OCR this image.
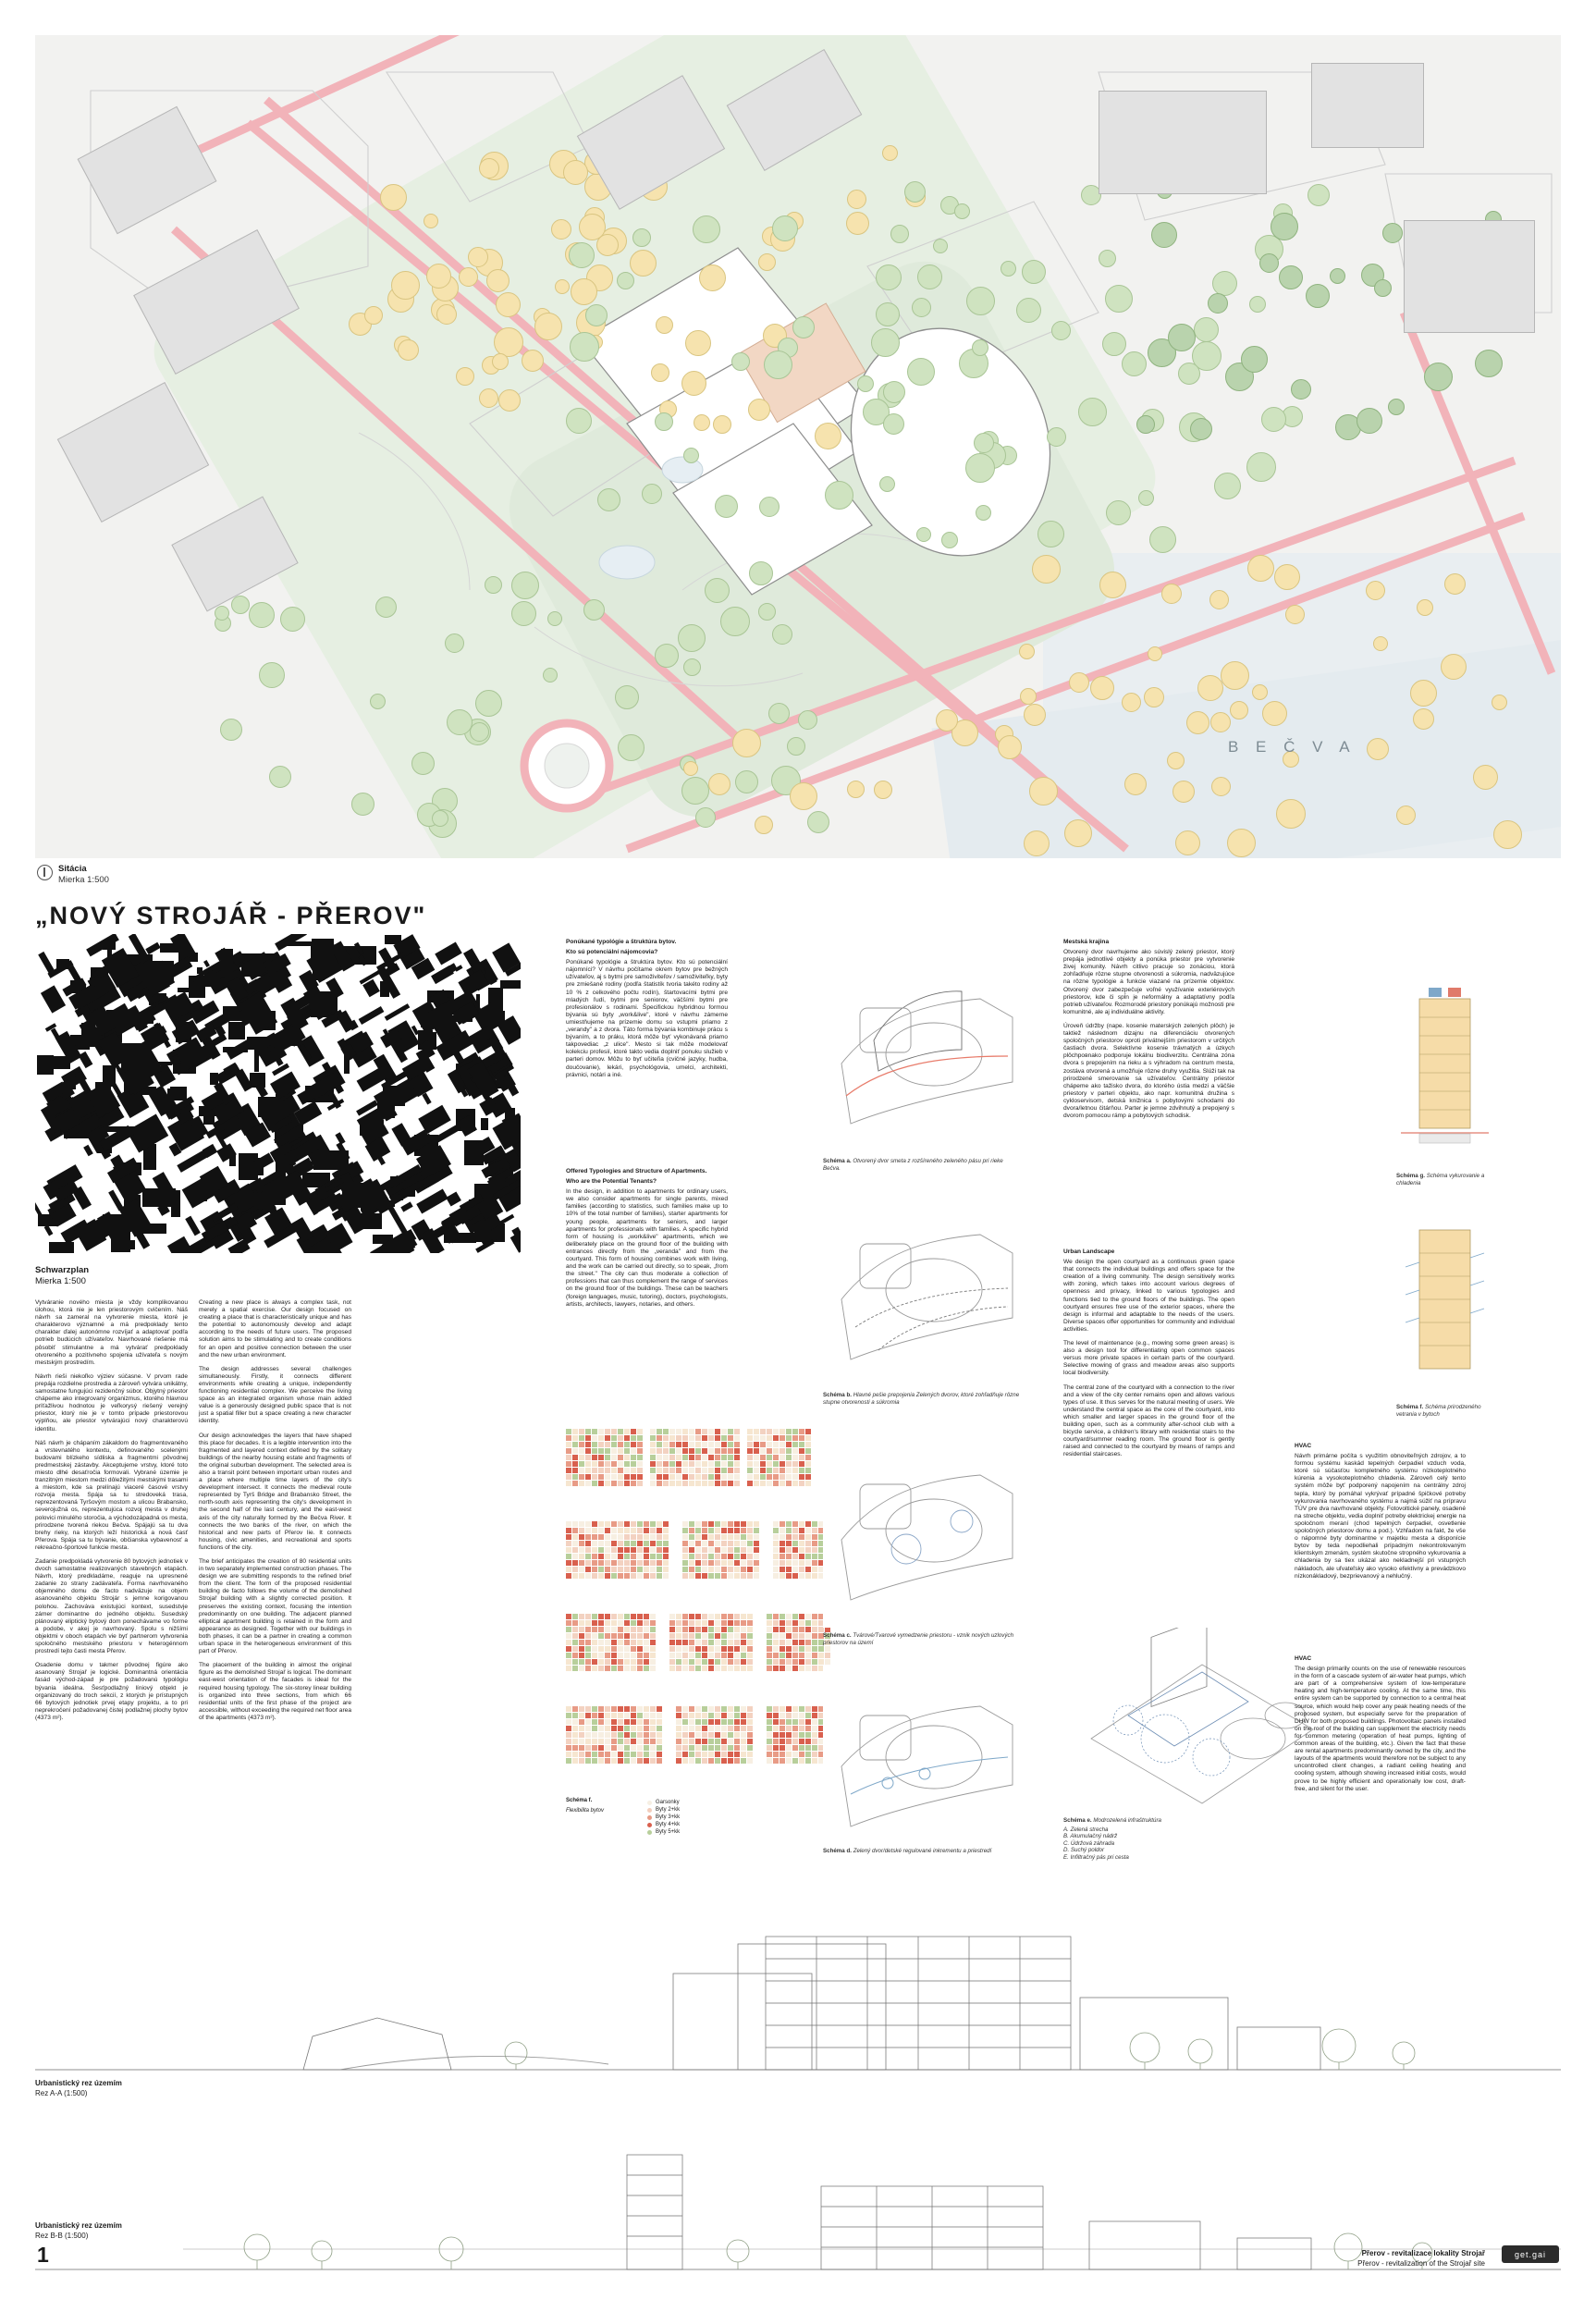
B E Č V A
Sitácia
Mierka 1:500
„NOVÝ STROJÁŘ - PŘEROV"
Schwarzplan
Mierka 1:500

Vytváranie nového miesta je vždy komplikovanou úlohou, ktorá nie je len priestorovým cvičením. Náš návrh sa zameral na vytvorenie miesta, ktoré je charakterovo významné a má predpoklady tento charakter ďalej autonómne rozvíjať a adaptovať podľa potrieb budúcich užívateľov. Navrhované riešenie má pôsobiť stimulantne a má vytvárať predpoklady otvoreného a pozitívneho spojenia užívateľa s novým mestským prostredím.

Návrh rieši niekoľko výziev súčasne. V prvom rade prepája rozdielne prostredia a zároveň vytvára unikátny, samostatne fungujúci rezidenčný súbor. Objytný priestor chápeme ako integrovaný organizmus, ktorého hlavnou príťažlivou hodnotou je veľkorysý riešený verejný priestor, ktorý nie je v tomto prípade priestorovou výplňou, ale priestor vytvárajúci nový charakterovú identitu.

Náš návrh je chápaním zákaldom do fragmentovaného a vrstevnatého kontextu, definovaného scelenými budovami blízkeho sídliska a fragmentmi pôvodnej predmestskej zástavby. Akceptujeme vrstvy, ktoré toto miesto dlhé desaťročia formovali. Vybrané územie je tranzitným miestom medzi dôležitými mestskými trasami a miestom, kde sa prelínajú viaceré časové vrstvy rozvoja mesta. Spája sa tu stredoveká trasa, reprezentovaná Tyršovým mostom a ulicou Brabansko, severojužná os, reprezentujúca rozvoj mesta v druhej polovici minulého storočia, a východozápadná os mesta, prirodzene tvorená riekou Bečva. Spájajú sa tu dva brehy rieky, na ktorých leží historická a nová časť Přerova. Spája sa tu bývanie, občianska vybavenosť a rekreačno-športové funkcie mesta.

Zadanie predpokladá vytvorenie 80 bytových jednotiek v dvoch samostatne realizovaných stavebných etapách. Návrh, ktorý predkladáme, reaguje na upresnené zadanie zo strany zadávateľa. Forma navrhovaného objemného domu de facto nadväzuje na objem asanovaného objektu Strojár s jemne korigovanou polohou. Zachováva existujúci kontext, susedstvje zámer dominantne do jedného objektu. Susedský plánovaný eliptický bytový dom ponechávame vo forme a podobe, v akej je navrhovaný. Spolu s nižšími objektmi v oboch etapách vie byť partnerom vytvorenia spoločného mestského priestoru v heterogénnom prostredí tejto časti mesta Přerov.

Osadenie domu v takmer pôvodnej figúre ako asanovaný Strojař je logické. Dominantná orientácia fasád východ-západ je pre požadovanú typológiu bývania ideálna. Šesťpodlažný líniový objekt je organizovaný do troch sekcií, z ktorých je prístupných 66 bytových jednotiek prvej etapy projektu, a to pri neprekročení požadovanej čistej podlažnej plochy bytov (4373 m²).

Creating a new place is always a complex task, not merely a spatial exercise. Our design focused on creating a place that is characteristically unique and has the potential to autonomously develop and adapt according to the needs of future users. The proposed solution aims to be stimulating and to create conditions for an open and positive connection between the user and the new urban environment.

The design addresses several challenges simultaneously. Firstly, it connects different environments while creating a unique, independently functioning residential complex. We perceive the living space as an integrated organism whose main added value is a generously designed public space that is not just a spatial filler but a space creating a new character identity.

Our design acknowledges the layers that have shaped this place for decades. It is a legible intervention into the fragmented and layered context defined by the solitary buildings of the nearby housing estate and fragments of the original suburban development. The selected area is also a transit point between important urban routes and a place where multiple time layers of the city's development intersect. It connects the medieval route represented by Tyrš Bridge and Brabansko Street, the north-south axis representing the city's development in the second half of the last century, and the east-west axis of the city naturally formed by the Bečva River. It connects the two banks of the river, on which the historical and new parts of Přerov lie. It connects housing, civic amenities, and recreational and sports functions of the city.

The brief anticipates the creation of 80 residential units in two separately implemented construction phases. The design we are submitting responds to the refined brief from the client. The form of the proposed residential building de facto follows the volume of the demolished Strojař building with a slightly corrected position. It preserves the existing context, focusing the intention predominantly on one building. The adjacent planned elliptical apartment building is retained in the form and appearance as designed. Together with our buildings in both phases, it can be a partner in creating a common urban space in the heterogeneous environment of this part of Přerov.

The placement of the building in almost the original figure as the demolished Strojař is logical. The dominant east-west orientation of the facades is ideal for the required housing typology. The six-storey linear building is organized into three sections, from which 66 residential units of the first phase of the project are accessible, without exceeding the required net floor area of the apartments (4373 m²).

Schéma f.
Flexibilita bytov
Garsonky
Byty 2+kk
Byty 3+kk
Byty 4+kk
Byty 5+kk

Ponúkané typológie a štruktúra bytov.

Kto sú potenciální nájomcovia?

Ponúkané typológie a štruktúra bytov. Kto sú potenciální nájomníci? V návrhu počítame okrem bytov pre bežných užívateľov, aj s bytmi pre samoživiteľov / samoživiteľky, byty pre zmiešané rodiny (podľa štatistík tvoria takéto rodiny až 10 % z celkového počtu rodín), štartovacími bytmi pre mladých ľudí, bytmi pre seniorov, väčšími bytmi pre profesionálov s rodinami. Špecifickou hybridnou formou bývania sú byty „work&live", ktoré v návrhu zámerne umiestňujeme na prízemie domu so vstupmi priamo z „verandy" a z dvora. Táto forma bývania kombinuje prácu s bývaním, a to práku, ktorá môže byť vykonávaná priamo takpovediac „z ulice". Mesto si tak môže modelovať kolekciu profesií, ktoré takto vedia doplniť ponuku služieb v parteri domov. Môžu to byť učiteľia (cvičné jazyky, hudba, doučovanie), lekári, psychológovia, umelci, architekti, právnici, notári a iné.

Offered Typologies and Structure of Apartments.

Who are the Potential Tenants?

In the design, in addition to apartments for ordinary users, we also consider apartments for single parents, mixed families (according to statistics, such families make up to 10% of the total number of families), starter apartments for young people, apartments for seniors, and larger apartments for professionals with families. A specific hybrid form of housing is „work&live" apartments, which we deliberately place on the ground floor of the building with entrances directly from the „veranda" and from the courtyard. This form of housing combines work with living, and the work can be carried out directly, so to speak, „from the street." The city can thus moderate a collection of professions that can thus complement the range of services on the ground floor of the buildings. These can be teachers (foreign languages, music, tutoring), doctors, psychologists, artists, architects, lawyers, notaries, and others.

Schéma a. Otvorený dvor smeta z rozšíreného zeleného pásu pri rieke Bečva.
Schéma b. Hlavné pešie prepojenia Zelených dvorov, ktoré zohľadňuje rôzne stupne otvorenosti a súkromia
Schéma c. Tvárové/Tvarové vymedzenie priestoru - vznik nových uzlových priestorov na území
Schéma d. Zelený dvor/detské regulované inkrementu a priestredí
Schéma e. Modrozelená infraštruktúra
A. Zelená strecha
B. Akumulačný nádrž
C. Údržová záhrada
D. Suchý poldor
E. Infiltračný pás pri cesta

Mestská krajina

Otvorený dvor navrhujeme ako súvislý zelený priestor, ktorý prepája jednotlivé objekty a ponúka priestor pre vytvorenie živej komunity. Návrh citlivo pracuje so zonáciou, ktorá zohľadňuje rôzne stupne otvorenosti a súkromia, nadväzujúce na rôzne typológie a funkcie viazané na prízemie objektov. Otvorený dvor zabezpečuje voľné využívanie exteriérových priestorov, kde či spĺn je neformálny a adaptatívny podľa potrieb užívateľov. Rozmorodé priestory ponúkajú možnosti pre komunitné, ale aj individuálne aktivity.

Úroveň údržby (nape. kosenie materských zelených plôch) je taktiež následnom dizajnu na diferenciáciu otvorených spoločných priestorov oproti privátnejším priestorom v určitých častiach dvora. Selektívne kosenie trávnatých a úzkych plôchровnako podporuje lokálnu biodiverzitu. Centrálna zóna dvora s prepojením na rieku a s výhradom na centrum mesta, zostáva otvorená a umožňuje rôzne druhy využitia. Slúži tak na prirodzené smerovanie sa užívateľov. Centrálny priestor chápeme ako tažisko dvora, do ktorého ústia medzi a väčšie priestory v parteri objektu, ako napr. komunitná družina s cykloservisom, detská knižnica s pobytovými schodami do dvora/letnou čitárňou. Parter je jemne zdvihnutý a prepojený s dvorom pomocou rámp a pobytových schodisk.

Urban Landscape

We design the open courtyard as a continuous green space that connects the individual buildings and offers space for the creation of a living community. The design sensitively works with zoning, which takes into account various degrees of openness and privacy, linked to various typologies and functions tied to the ground floors of the buildings. The open courtyard ensures free use of the exterior spaces, where the design is informal and adaptable to the needs of the users. Diverse spaces offer opportunities for community and individual activities.

The level of maintenance (e.g., mowing some green areas) is also a design tool for differentiating open common spaces versus more private spaces in certain parts of the courtyard. Selective mowing of grass and meadow areas also supports local biodiversity.

The central zone of the courtyard with a connection to the river and a view of the city center remains open and allows various types of use. It thus serves for the natural meeting of users. We understand the central space as the core of the courtyard, into which smaller and larger spaces in the ground floor of the building open, such as a community after-school club with a bicycle service, a children's library with residential stairs to the courtyard/summer reading room. The ground floor is gently raised and connected to the courtyard by means of ramps and residential staircases.

HVAC

Návrh primárne počíta s využitím obnoviteľných zdrojov, a to formou systému kaskád tepelných čerpadiel vzduch voda, ktoré sú súčasťou kompletného systému nízkoteplotného kúrenia a vysokoteplotného chladenia. Zároveň celý tento systém môže byť podporený napojením na centrálny zdroj tepla, ktorý by pomáhal vykrývať prípadné špičkové potreby vykurovania navrhovaného systému a najmä súžiť na prípravu TÚV pre dva navrhované objekty. Fotovoltické panely, osadené na streche objektu, vedia doplniť potreby elektrickej energie na spoločnom meraní (chod tepelných čerpadiel, osvetlenie spoločných priestorov domu a pod.). Vzhľadom na fakt, že vše o nápomné byty dominantne v majetku mesta a disponície bytov by teda nepodliehali prípadným nekontrolovaným klientskym zmenám, systém skutočne stropného vykurovania a chladenia by sa tiex ukázal ako nekladnejší pri vstupných nákladoch, ale uľvateľsky ako vysoko efektívny a prevádzkovo nízkonákladový, bezprievanový a nehlučný.

HVAC

The design primarily counts on the use of renewable resources in the form of a cascade system of air-water heat pumps, which are part of a comprehensive system of low-temperature heating and high-temperature cooling. At the same time, this entire system can be supported by connection to a central heat source, which would help cover any peak heating needs of the proposed system, but especially serve for the preparation of DHW for both proposed buildings. Photovoltaic panels installed on the roof of the building can supplement the electricity needs for common metering (operation of heat pumps, lighting of common areas of the building, etc.). Given the fact that these are rental apartments predominantly owned by the city, and the layouts of the apartments would therefore not be subject to any uncontrolled client changes, a radiant ceiling heating and cooling system, although showing increased initial costs, would prove to be highly efficient and operationally low cost, draft-free, and silent for the user.

Schéma g. Schéma vykurovanie a chladenia
Schéma f. Schéma prirodzeného vetrania v bytoch
Urbanistický rez územím
Rez A-A (1:500)
Urbanistický rez územím
Rez B-B (1:500)
1	Přerov - revitalizace lokality Strojař
Přerov - revitalization of the Strojař site
get.gai
